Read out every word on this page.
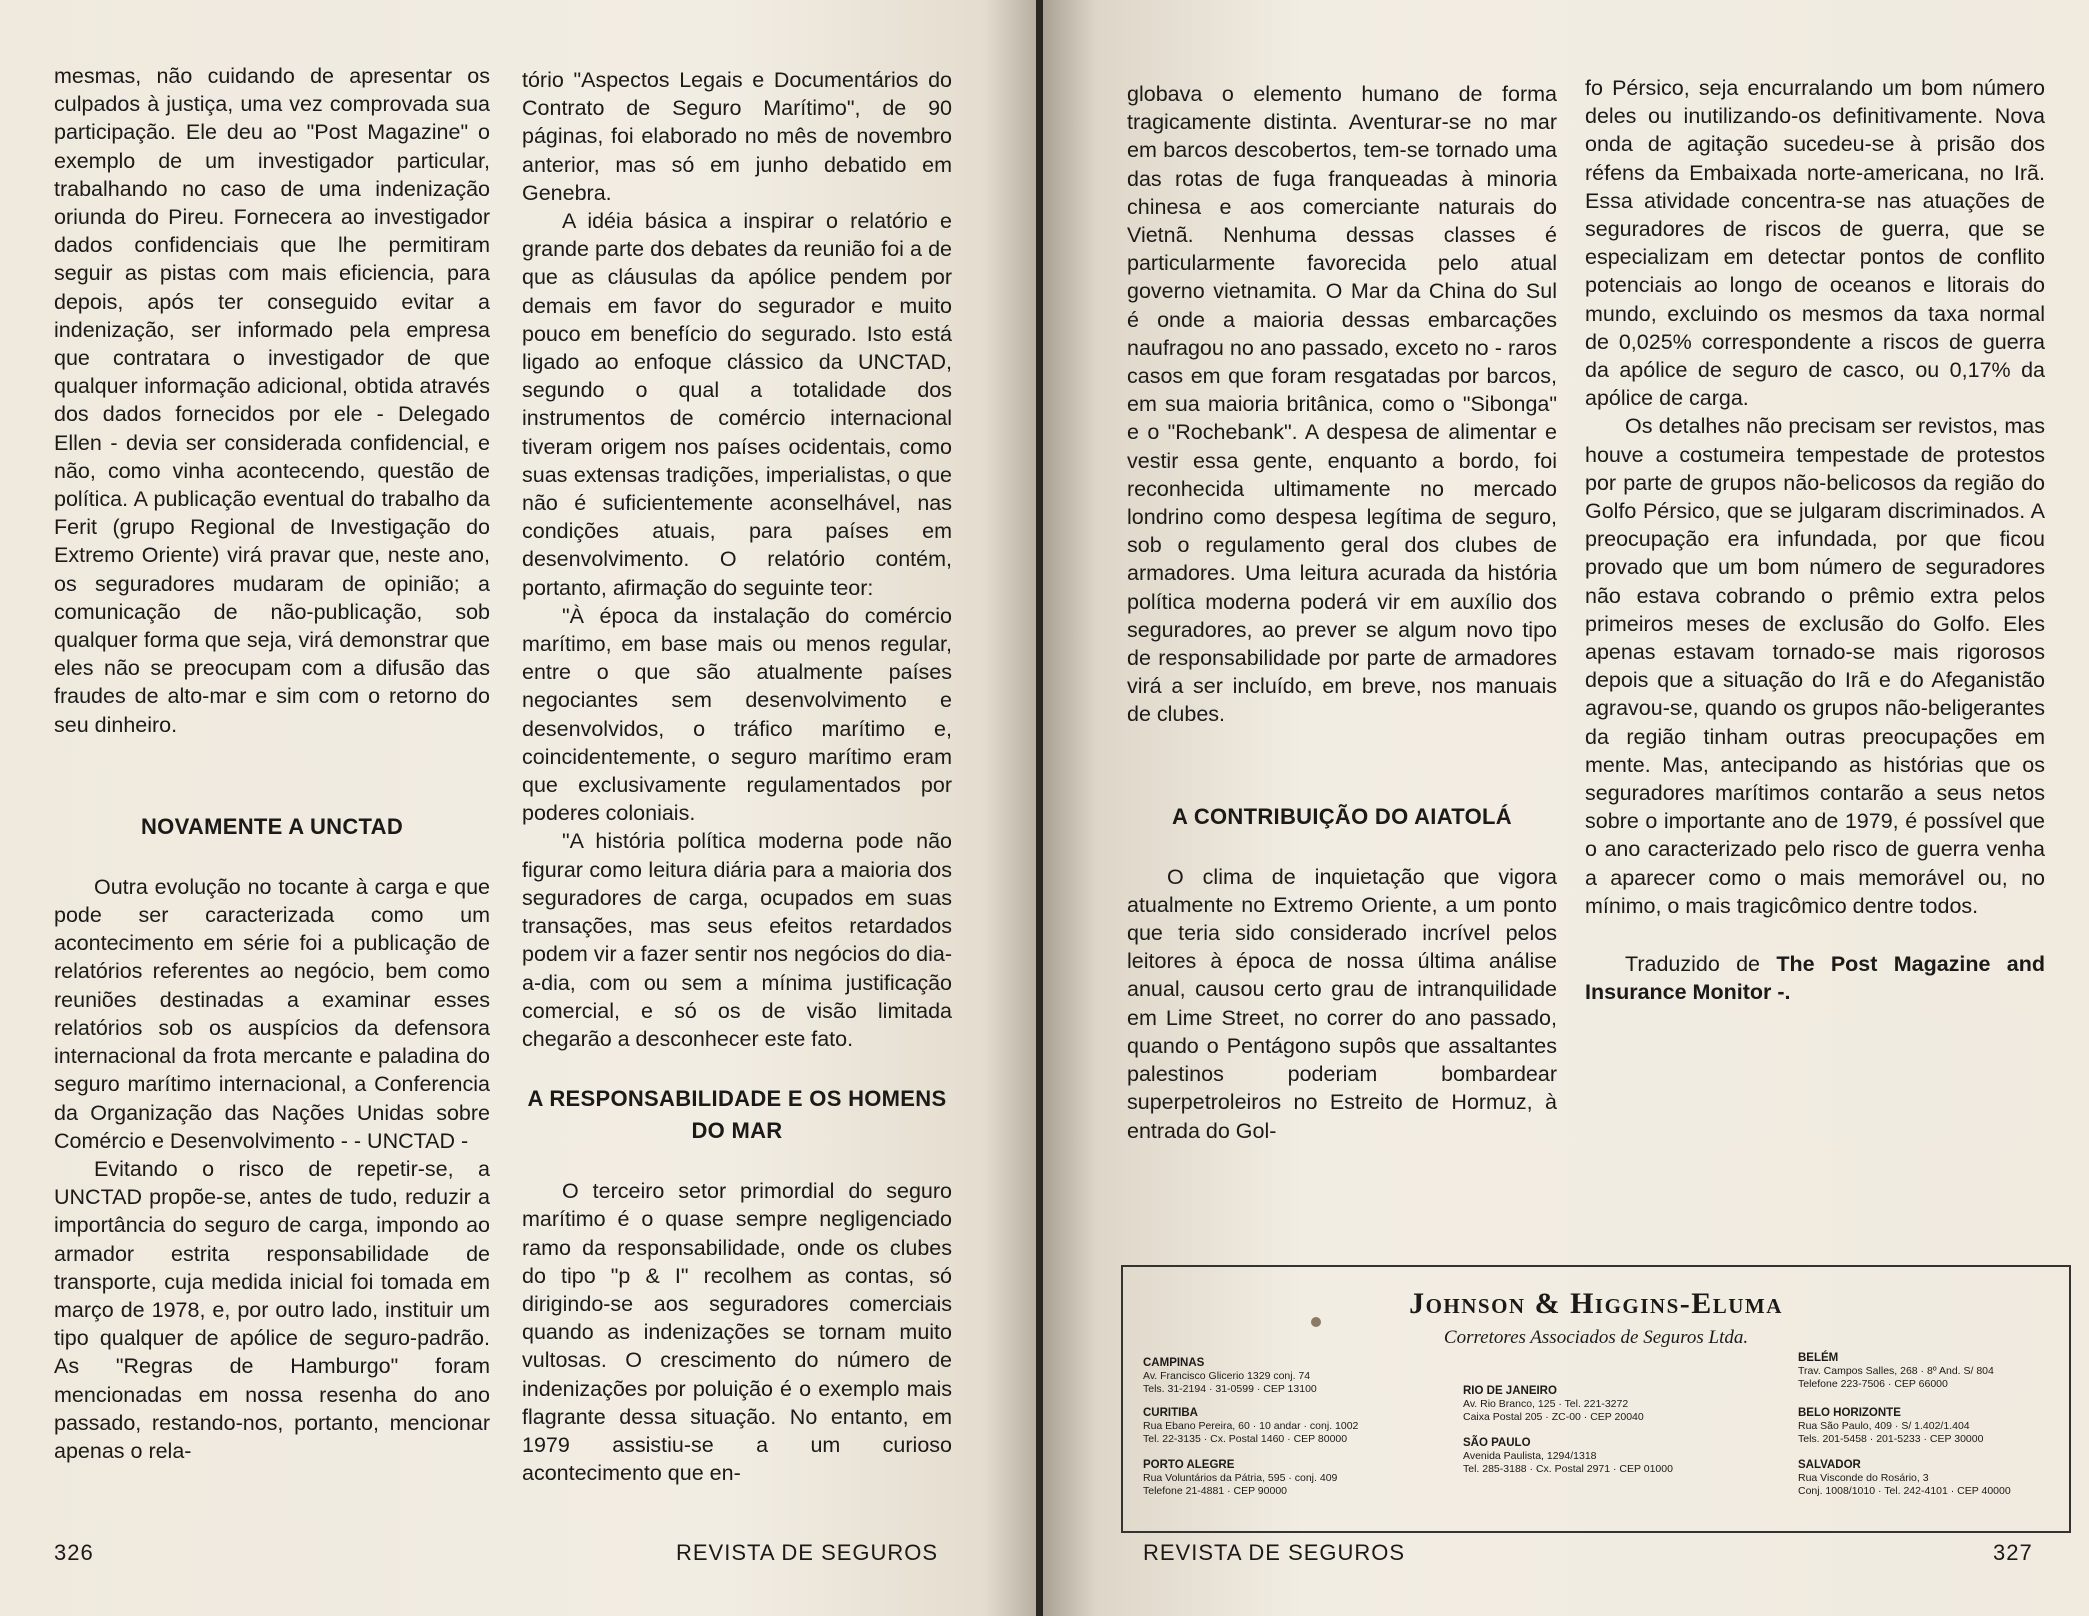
mesmas, não cuidando de apresentar os culpados à justiça, uma vez comprovada sua participação. Ele deu ao "Post Magazine" o exemplo de um investigador particular, trabalhando no caso de uma indenização oriunda do Pireu. Fornecera ao investigador dados confidenciais que lhe permitiram seguir as pistas com mais eficiencia, para depois, após ter conseguido evitar a indenização, ser informado pela empresa que contratara o investigador de que qualquer informação adicional, obtida através dos dados fornecidos por ele - Delegado Ellen - devia ser considerada confidencial, e não, como vinha acontecendo, questão de política. A publicação eventual do trabalho da Ferit (grupo Regional de Investigação do Extremo Oriente) virá pravar que, neste ano, os seguradores mudaram de opinião; a comunicação de não-publicação, sob qualquer forma que seja, virá demonstrar que eles não se preocupam com a difusão das fraudes de alto-mar e sim com o retorno do seu dinheiro.

NOVAMENTE A UNCTAD

Outra evolução no tocante à carga e que pode ser caracterizada como um acontecimento em série foi a publicação de relatórios referentes ao negócio, bem como reuniões destinadas a examinar esses relatórios sob os auspícios da defensora internacional da frota mercante e paladina do seguro marítimo internacional, a Conferencia da Organização das Nações Unidas sobre Comércio e Desenvolvimento - - UNCTAD -

Evitando o risco de repetir-se, a UNCTAD propõe-se, antes de tudo, reduzir a importância do seguro de carga, impondo ao armador estrita responsabilidade de transporte, cuja medida inicial foi tomada em março de 1978, e, por outro lado, instituir um tipo qualquer de apólice de seguro-padrão. As "Regras de Hamburgo" foram mencionadas em nossa resenha do ano passado, restando-nos, portanto, mencionar apenas o rela-

tório "Aspectos Legais e Documentários do Contrato de Seguro Marítimo", de 90 páginas, foi elaborado no mês de novembro anterior, mas só em junho debatido em Genebra.

A idéia básica a inspirar o relatório e grande parte dos debates da reunião foi a de que as cláusulas da apólice pendem por demais em favor do segurador e muito pouco em benefício do segurado. Isto está ligado ao enfoque clássico da UNCTAD, segundo o qual a totalidade dos instrumentos de comércio internacional tiveram origem nos países ocidentais, como suas extensas tradições, imperialistas, o que não é suficientemente aconselhável, nas condições atuais, para países em desenvolvimento. O relatório contém, portanto, afirmação do seguinte teor:

"À época da instalação do comércio marítimo, em base mais ou menos regular, entre o que são atualmente países negociantes sem desenvolvimento e desenvolvidos, o tráfico marítimo e, coincidentemente, o seguro marítimo eram que exclusivamente regulamentados por poderes coloniais.

"A história política moderna pode não figurar como leitura diária para a maioria dos seguradores de carga, ocupados em suas transações, mas seus efeitos retardados podem vir a fazer sentir nos negócios do dia-a-dia, com ou sem a mínima justificação comercial, e só os de visão limitada chegarão a desconhecer este fato.

A RESPONSABILIDADE E OS HOMENS DO MAR

O terceiro setor primordial do seguro marítimo é o quase sempre negligenciado ramo da responsabilidade, onde os clubes do tipo "p & I" recolhem as contas, só dirigindo-se aos seguradores comerciais quando as indenizações se tornam muito vultosas. O crescimento do número de indenizações por poluição é o exemplo mais flagrante dessa situação. No entanto, em 1979 assistiu-se a um curioso acontecimento que en-

326	REVISTA DE SEGUROS

globava o elemento humano de forma tragicamente distinta. Aventurar-se no mar em barcos descobertos, tem-se tornado uma das rotas de fuga franqueadas à minoria chinesa e aos comerciante naturais do Vietnã. Nenhuma dessas classes é particularmente favorecida pelo atual governo vietnamita. O Mar da China do Sul é onde a maioria dessas embarcações naufragou no ano passado, exceto no - raros casos em que foram resgatadas por barcos, em sua maioria britânica, como o "Sibonga" e o "Rochebank". A despesa de alimentar e vestir essa gente, enquanto a bordo, foi reconhecida ultimamente no mercado londrino como despesa legítima de seguro, sob o regulamento geral dos clubes de armadores. Uma leitura acurada da história política moderna poderá vir em auxílio dos seguradores, ao prever se algum novo tipo de responsabilidade por parte de armadores virá a ser incluído, em breve, nos manuais de clubes.

A CONTRIBUIÇÃO DO AIATOLÁ

O clima de inquietação que vigora atualmente no Extremo Oriente, a um ponto que teria sido considerado incrível pelos leitores à época de nossa última análise anual, causou certo grau de intranquilidade em Lime Street, no correr do ano passado, quando o Pentágono supôs que assaltantes palestinos poderiam bombardear superpetroleiros no Estreito de Hormuz, à entrada do Gol-

fo Pérsico, seja encurralando um bom número deles ou inutilizando-os definitivamente. Nova onda de agitação sucedeu-se à prisão dos réfens da Embaixada norte-americana, no Irã. Essa atividade concentra-se nas atuações de seguradores de riscos de guerra, que se especializam em detectar pontos de conflito potenciais ao longo de oceanos e litorais do mundo, excluindo os mesmos da taxa normal de 0,025% correspondente a riscos de guerra da apólice de seguro de casco, ou 0,17% da apólice de carga.

Os detalhes não precisam ser revistos, mas houve a costumeira tempestade de protestos por parte de grupos não-belicosos da região do Golfo Pérsico, que se julgaram discriminados. A preocupação era infundada, por que ficou provado que um bom número de seguradores não estava cobrando o prêmio extra pelos primeiros meses de exclusão do Golfo. Eles apenas estavam tornado-se mais rigorosos depois que a situação do Irã e do Afeganistão agravou-se, quando os grupos não-beligerantes da região tinham outras preocupações em mente. Mas, antecipando as histórias que os seguradores marítimos contarão a seus netos sobre o importante ano de 1979, é possível que o ano caracterizado pelo risco de guerra venha a aparecer como o mais memorável ou, no mínimo, o mais tragicômico dentre todos.

Traduzido de The Post Magazine and Insurance Monitor -.

Johnson & Higgins-Eluma
Corretores Associados de Seguros Ltda.
CAMPINAS
Av. Francisco Glicerio 1329 conj. 74
Tels. 31-2194 · 31-0599 · CEP 13100
CURITIBA
Rua Ebano Pereira, 60 · 10 andar · conj. 1002
Tel. 22-3135 · Cx. Postal 1460 · CEP 80000
PORTO ALEGRE
Rua Voluntários da Pátria, 595 · conj. 409
Telefone 21-4881 · CEP 90000
RIO DE JANEIRO
Av. Rio Branco, 125 · Tel. 221-3272
Caixa Postal 205 · ZC-00 · CEP 20040
SÃO PAULO
Avenida Paulista, 1294/1318
Tel. 285-3188 · Cx. Postal 2971 · CEP 01000
BELÉM
Trav. Campos Salles, 268 · 8º And. S/ 804
Telefone 223-7506 · CEP 66000
BELO HORIZONTE
Rua São Paulo, 409 · S/ 1.402/1.404
Tels. 201-5458 · 201-5233 · CEP 30000
SALVADOR
Rua Visconde do Rosário, 3
Conj. 1008/1010 · Tel. 242-4101 · CEP 40000
REVISTA DE SEGUROS	327
